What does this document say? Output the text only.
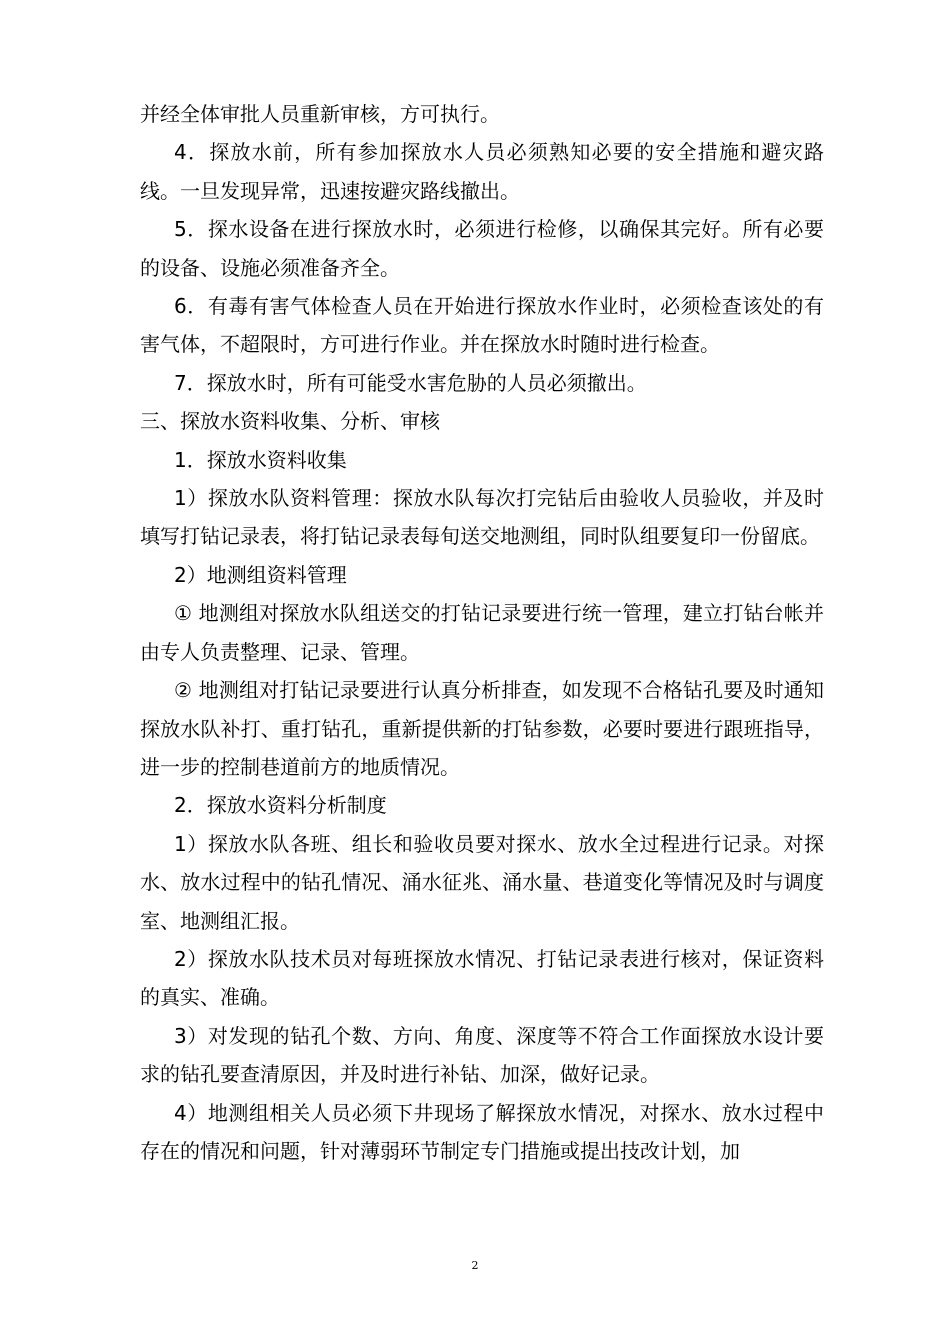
并经全体审批人员重新审核，方可执行。

4．探放水前，所有参加探放水人员必须熟知必要的安全措施和避灾路线。一旦发现异常，迅速按避灾路线撤出。

5．探水设备在进行探放水时，必须进行检修，以确保其完好。所有必要的设备、设施必须准备齐全。

6．有毒有害气体检查人员在开始进行探放水作业时，必须检查该处的有害气体，不超限时，方可进行作业。并在探放水时随时进行检查。

7．探放水时，所有可能受水害危胁的人员必须撤出。

三、探放水资料收集、分析、审核

1．探放水资料收集

1）探放水队资料管理：探放水队每次打完钻后由验收人员验收，并及时填写打钻记录表，将打钻记录表每旬送交地测组，同时队组要复印一份留底。

2）地测组资料管理

① 地测组对探放水队组送交的打钻记录要进行统一管理，建立打钻台帐并由专人负责整理、记录、管理。

② 地测组对打钻记录要进行认真分析排查，如发现不合格钻孔要及时通知探放水队补打、重打钻孔，重新提供新的打钻参数，必要时要进行跟班指导，进一步的控制巷道前方的地质情况。

2．探放水资料分析制度

1）探放水队各班、组长和验收员要对探水、放水全过程进行记录。对探水、放水过程中的钻孔情况、涌水征兆、涌水量、巷道变化等情况及时与调度室、地测组汇报。

2）探放水队技术员对每班探放水情况、打钻记录表进行核对，保证资料的真实、准确。

3）对发现的钻孔个数、方向、角度、深度等不符合工作面探放水设计要求的钻孔要查清原因，并及时进行补钻、加深，做好记录。

4）地测组相关人员必须下井现场了解探放水情况，对探水、放水过程中存在的情况和问题，针对薄弱环节制定专门措施或提出技改计划，加

2
